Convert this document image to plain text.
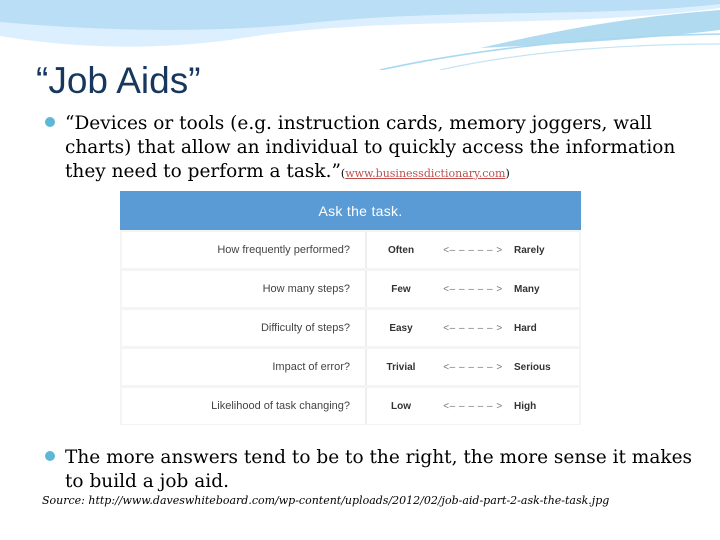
“Job Aids”
“Devices or tools (e.g. instruction cards, memory joggers, wall charts) that allow an individual to quickly access the information they need to perform a task.”(www.businessdictionary.com)
Ask the task.
How frequently performed?	Often	<– – – – – >	Rarely
How many steps?	Few	<– – – – – >	Many
Difficulty of steps?	Easy	<– – – – – >	Hard
Impact of error?	Trivial	<– – – – – >	Serious
Likelihood of task changing?	Low	<– – – – – >	High
The more answers tend to be to the right, the more sense it makes to build a job aid.
Source: http://www.daveswhiteboard.com/wp-content/uploads/2012/02/job-aid-part-2-ask-the-task.jpg
